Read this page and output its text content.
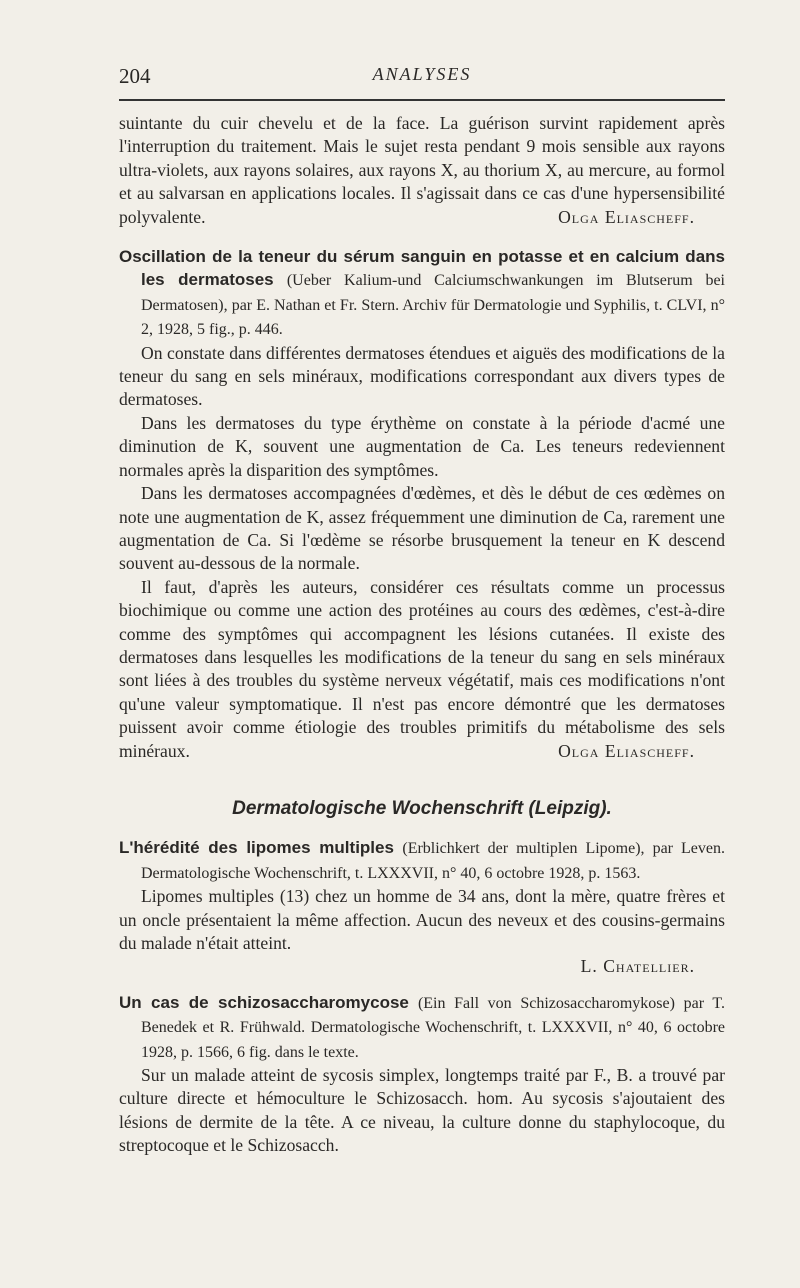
204	ANALYSES

suintante du cuir chevelu et de la face. La guérison survint rapidement après l'interruption du traitement. Mais le sujet resta pendant 9 mois sensible aux rayons ultra-violets, aux rayons solaires, aux rayons X, au thorium X, au mercure, au formol et au salvarsan en applications locales. Il s'agissait dans ce cas d'une hypersensibilité polyvalente.	Olga Eliascheff.

Oscillation de la teneur du sérum sanguin en potasse et en calcium dans les dermatoses (Ueber Kalium-und Calciumschwankungen im Blutserum bei Dermatosen), par E. Nathan et Fr. Stern. Archiv für Dermatologie und Syphilis, t. CLVI, n° 2, 1928, 5 fig., p. 446.

On constate dans différentes dermatoses étendues et aiguës des modifications de la teneur du sang en sels minéraux, modifications correspondant aux divers types de dermatoses.

Dans les dermatoses du type érythème on constate à la période d'acmé une diminution de K, souvent une augmentation de Ca. Les teneurs redeviennent normales après la disparition des symptômes.

Dans les dermatoses accompagnées d'œdèmes, et dès le début de ces œdèmes on note une augmentation de K, assez fréquemment une diminution de Ca, rarement une augmentation de Ca. Si l'œdème se résorbe brusquement la teneur en K descend souvent au-dessous de la normale.

Il faut, d'après les auteurs, considérer ces résultats comme un processus biochimique ou comme une action des protéines au cours des œdèmes, c'est-à-dire comme des symptômes qui accompagnent les lésions cutanées. Il existe des dermatoses dans lesquelles les modifications de la teneur du sang en sels minéraux sont liées à des troubles du système nerveux végétatif, mais ces modifications n'ont qu'une valeur symptomatique. Il n'est pas encore démontré que les dermatoses puissent avoir comme étiologie des troubles primitifs du métabolisme des sels minéraux.	Olga Eliascheff.

Dermatologische Wochenschrift (Leipzig).

L'hérédité des lipomes multiples (Erblichkert der multiplen Lipome), par Leven. Dermatologische Wochenschrift, t. LXXXVII, n° 40, 6 octobre 1928, p. 1563.

Lipomes multiples (13) chez un homme de 34 ans, dont la mère, quatre frères et un oncle présentaient la même affection. Aucun des neveux et des cousins-germains du malade n'était atteint.

L. Chatellier.

Un cas de schizosaccharomycose (Ein Fall von Schizosaccharomykose) par T. Benedek et R. Frühwald. Dermatologische Wochenschrift, t. LXXXVII, n° 40, 6 octobre 1928, p. 1566, 6 fig. dans le texte.

Sur un malade atteint de sycosis simplex, longtemps traité par F., B. a trouvé par culture directe et hémoculture le Schizosacch. hom. Au sycosis s'ajoutaient des lésions de dermite de la tête. A ce niveau, la culture donne du staphylocoque, du streptocoque et le Schizosacch.
